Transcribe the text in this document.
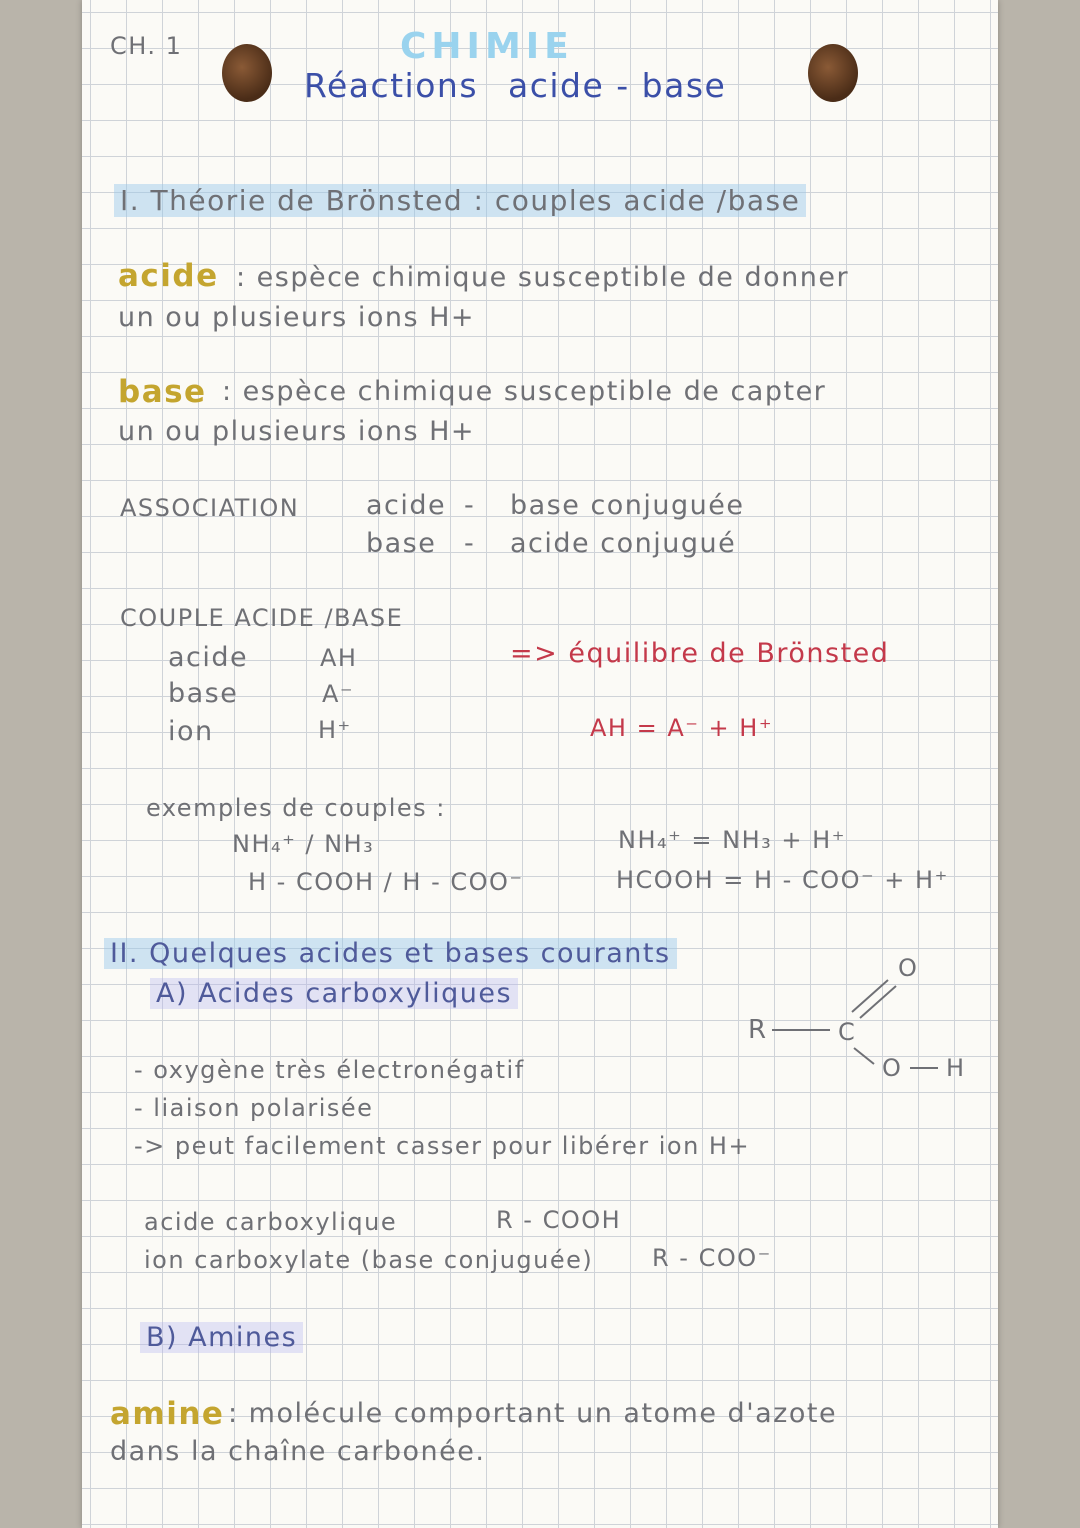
CH. 1	CHIMIE
Réactions acide - base
I. Théorie de Brönsted : couples acide /base
acide : espèce chimique susceptible de donner
un ou plusieurs ions H+
base : espèce chimique susceptible de capter
un ou plusieurs ions H+
ASSOCIATION acide - base conjuguée
base - acide conjugué
COUPLE ACIDE /BASE
acide	AH
base	A⁻
ion	H⁺
=> équilibre de Brönsted
AH = A⁻ + H⁺
exemples de couples :
NH₄⁺ / NH₃	NH₄⁺ = NH₃ + H⁺
H - COOH / H - COO⁻	HCOOH = H - COO⁻ + H⁺
II. Quelques acides et bases courants
A) Acides carboxyliques
R	C
O
O H
- oxygène très électronégatif
- liaison polarisée
-> peut facilement casser pour libérer ion H+
acide carboxylique	R - COOH
ion carboxylate (base conjuguée) R - COO⁻
B) Amines
amine : molécule comportant un atome d'azote
dans la chaîne carbonée.
